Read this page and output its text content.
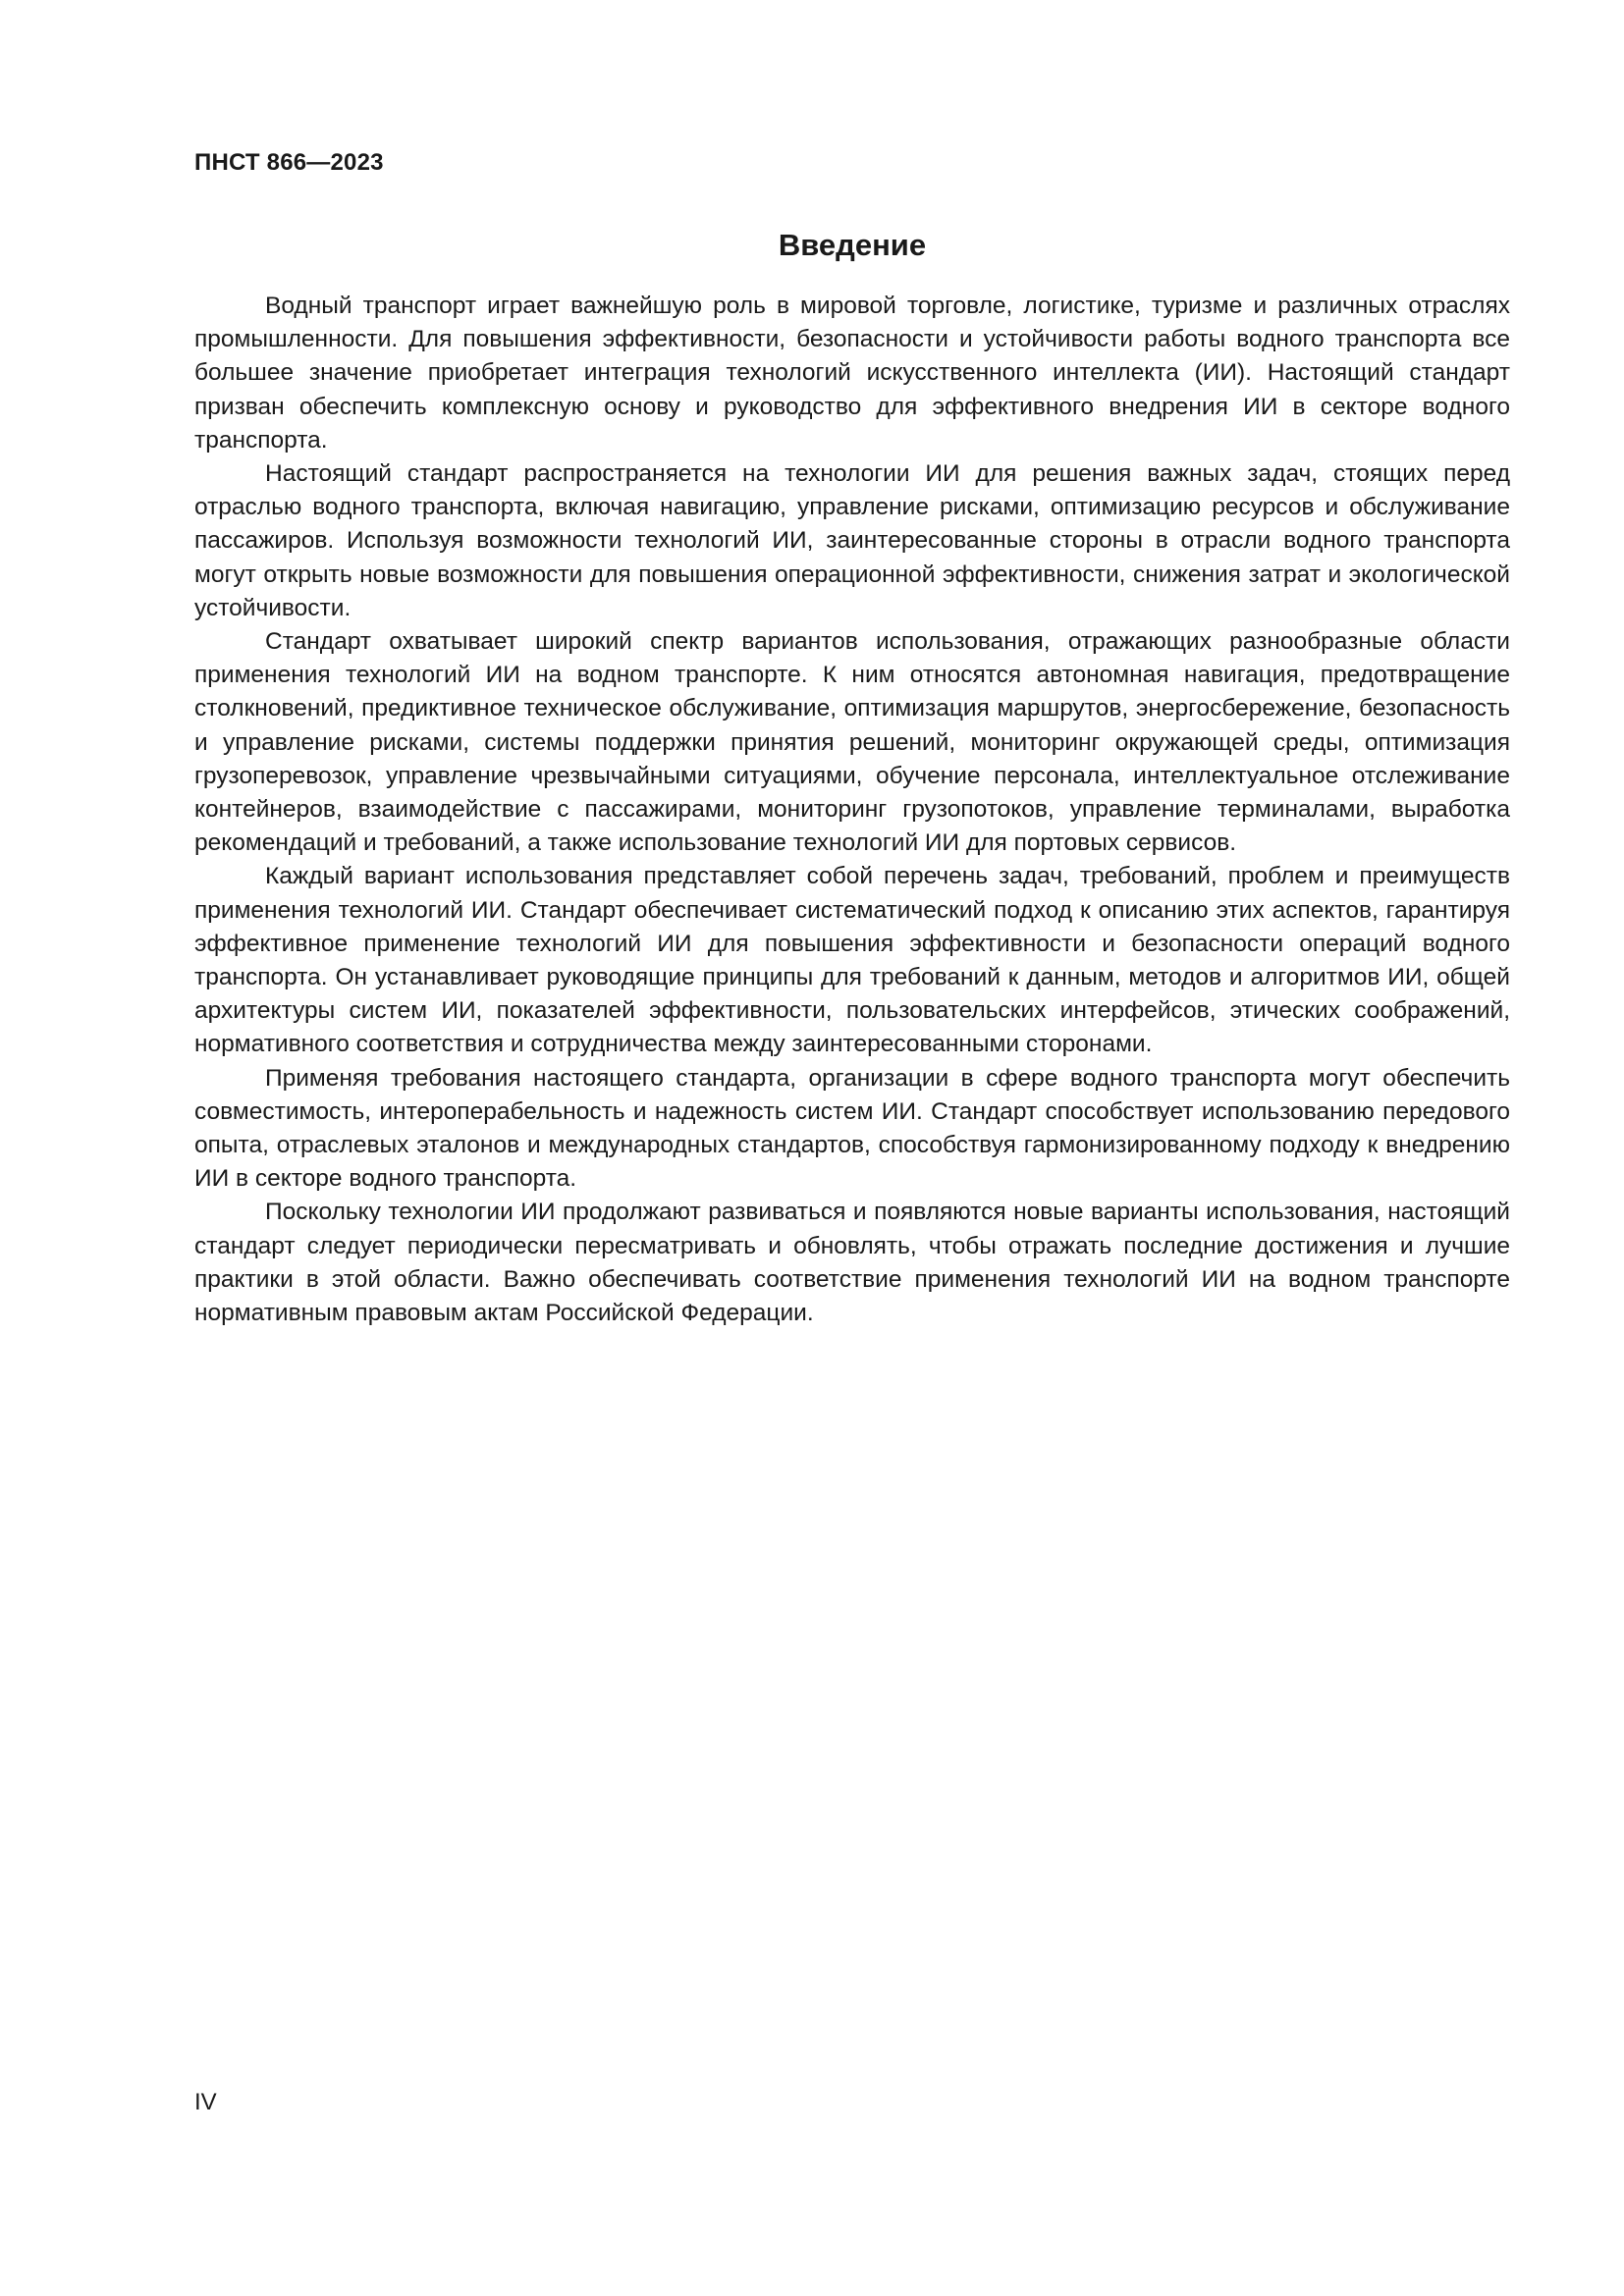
ПНСТ 866—2023

Введение

Водный транспорт играет важнейшую роль в мировой торговле, логистике, туризме и различных отраслях промышленности. Для повышения эффективности, безопасности и устойчивости работы водного транспорта все большее значение приобретает интеграция технологий искусственного интеллекта (ИИ). Настоящий стандарт призван обеспечить комплексную основу и руководство для эффективного внедрения ИИ в секторе водного транспорта.

Настоящий стандарт распространяется на технологии ИИ для решения важных задач, стоящих перед отраслью водного транспорта, включая навигацию, управление рисками, оптимизацию ресурсов и обслуживание пассажиров. Используя возможности технологий ИИ, заинтересованные стороны в отрасли водного транспорта могут открыть новые возможности для повышения операционной эффективности, снижения затрат и экологической устойчивости.

Стандарт охватывает широкий спектр вариантов использования, отражающих разнообразные области применения технологий ИИ на водном транспорте. К ним относятся автономная навигация, предотвращение столкновений, предиктивное техническое обслуживание, оптимизация маршрутов, энергосбережение, безопасность и управление рисками, системы поддержки принятия решений, мониторинг окружающей среды, оптимизация грузоперевозок, управление чрезвычайными ситуациями, обучение персонала, интеллектуальное отслеживание контейнеров, взаимодействие с пассажирами, мониторинг грузопотоков, управление терминалами, выработка рекомендаций и требований, а также использование технологий ИИ для портовых сервисов.

Каждый вариант использования представляет собой перечень задач, требований, проблем и преимуществ применения технологий ИИ. Стандарт обеспечивает систематический подход к описанию этих аспектов, гарантируя эффективное применение технологий ИИ для повышения эффективности и безопасности операций водного транспорта. Он устанавливает руководящие принципы для требований к данным, методов и алгоритмов ИИ, общей архитектуры систем ИИ, показателей эффективности, пользовательских интерфейсов, этических соображений, нормативного соответствия и сотрудничества между заинтересованными сторонами.

Применяя требования настоящего стандарта, организации в сфере водного транспорта могут обеспечить совместимость, интероперабельность и надежность систем ИИ. Стандарт способствует использованию передового опыта, отраслевых эталонов и международных стандартов, способствуя гармонизированному подходу к внедрению ИИ в секторе водного транспорта.

Поскольку технологии ИИ продолжают развиваться и появляются новые варианты использования, настоящий стандарт следует периодически пересматривать и обновлять, чтобы отражать последние достижения и лучшие практики в этой области. Важно обеспечивать соответствие применения технологий ИИ на водном транспорте нормативным правовым актам Российской Федерации.

IV
